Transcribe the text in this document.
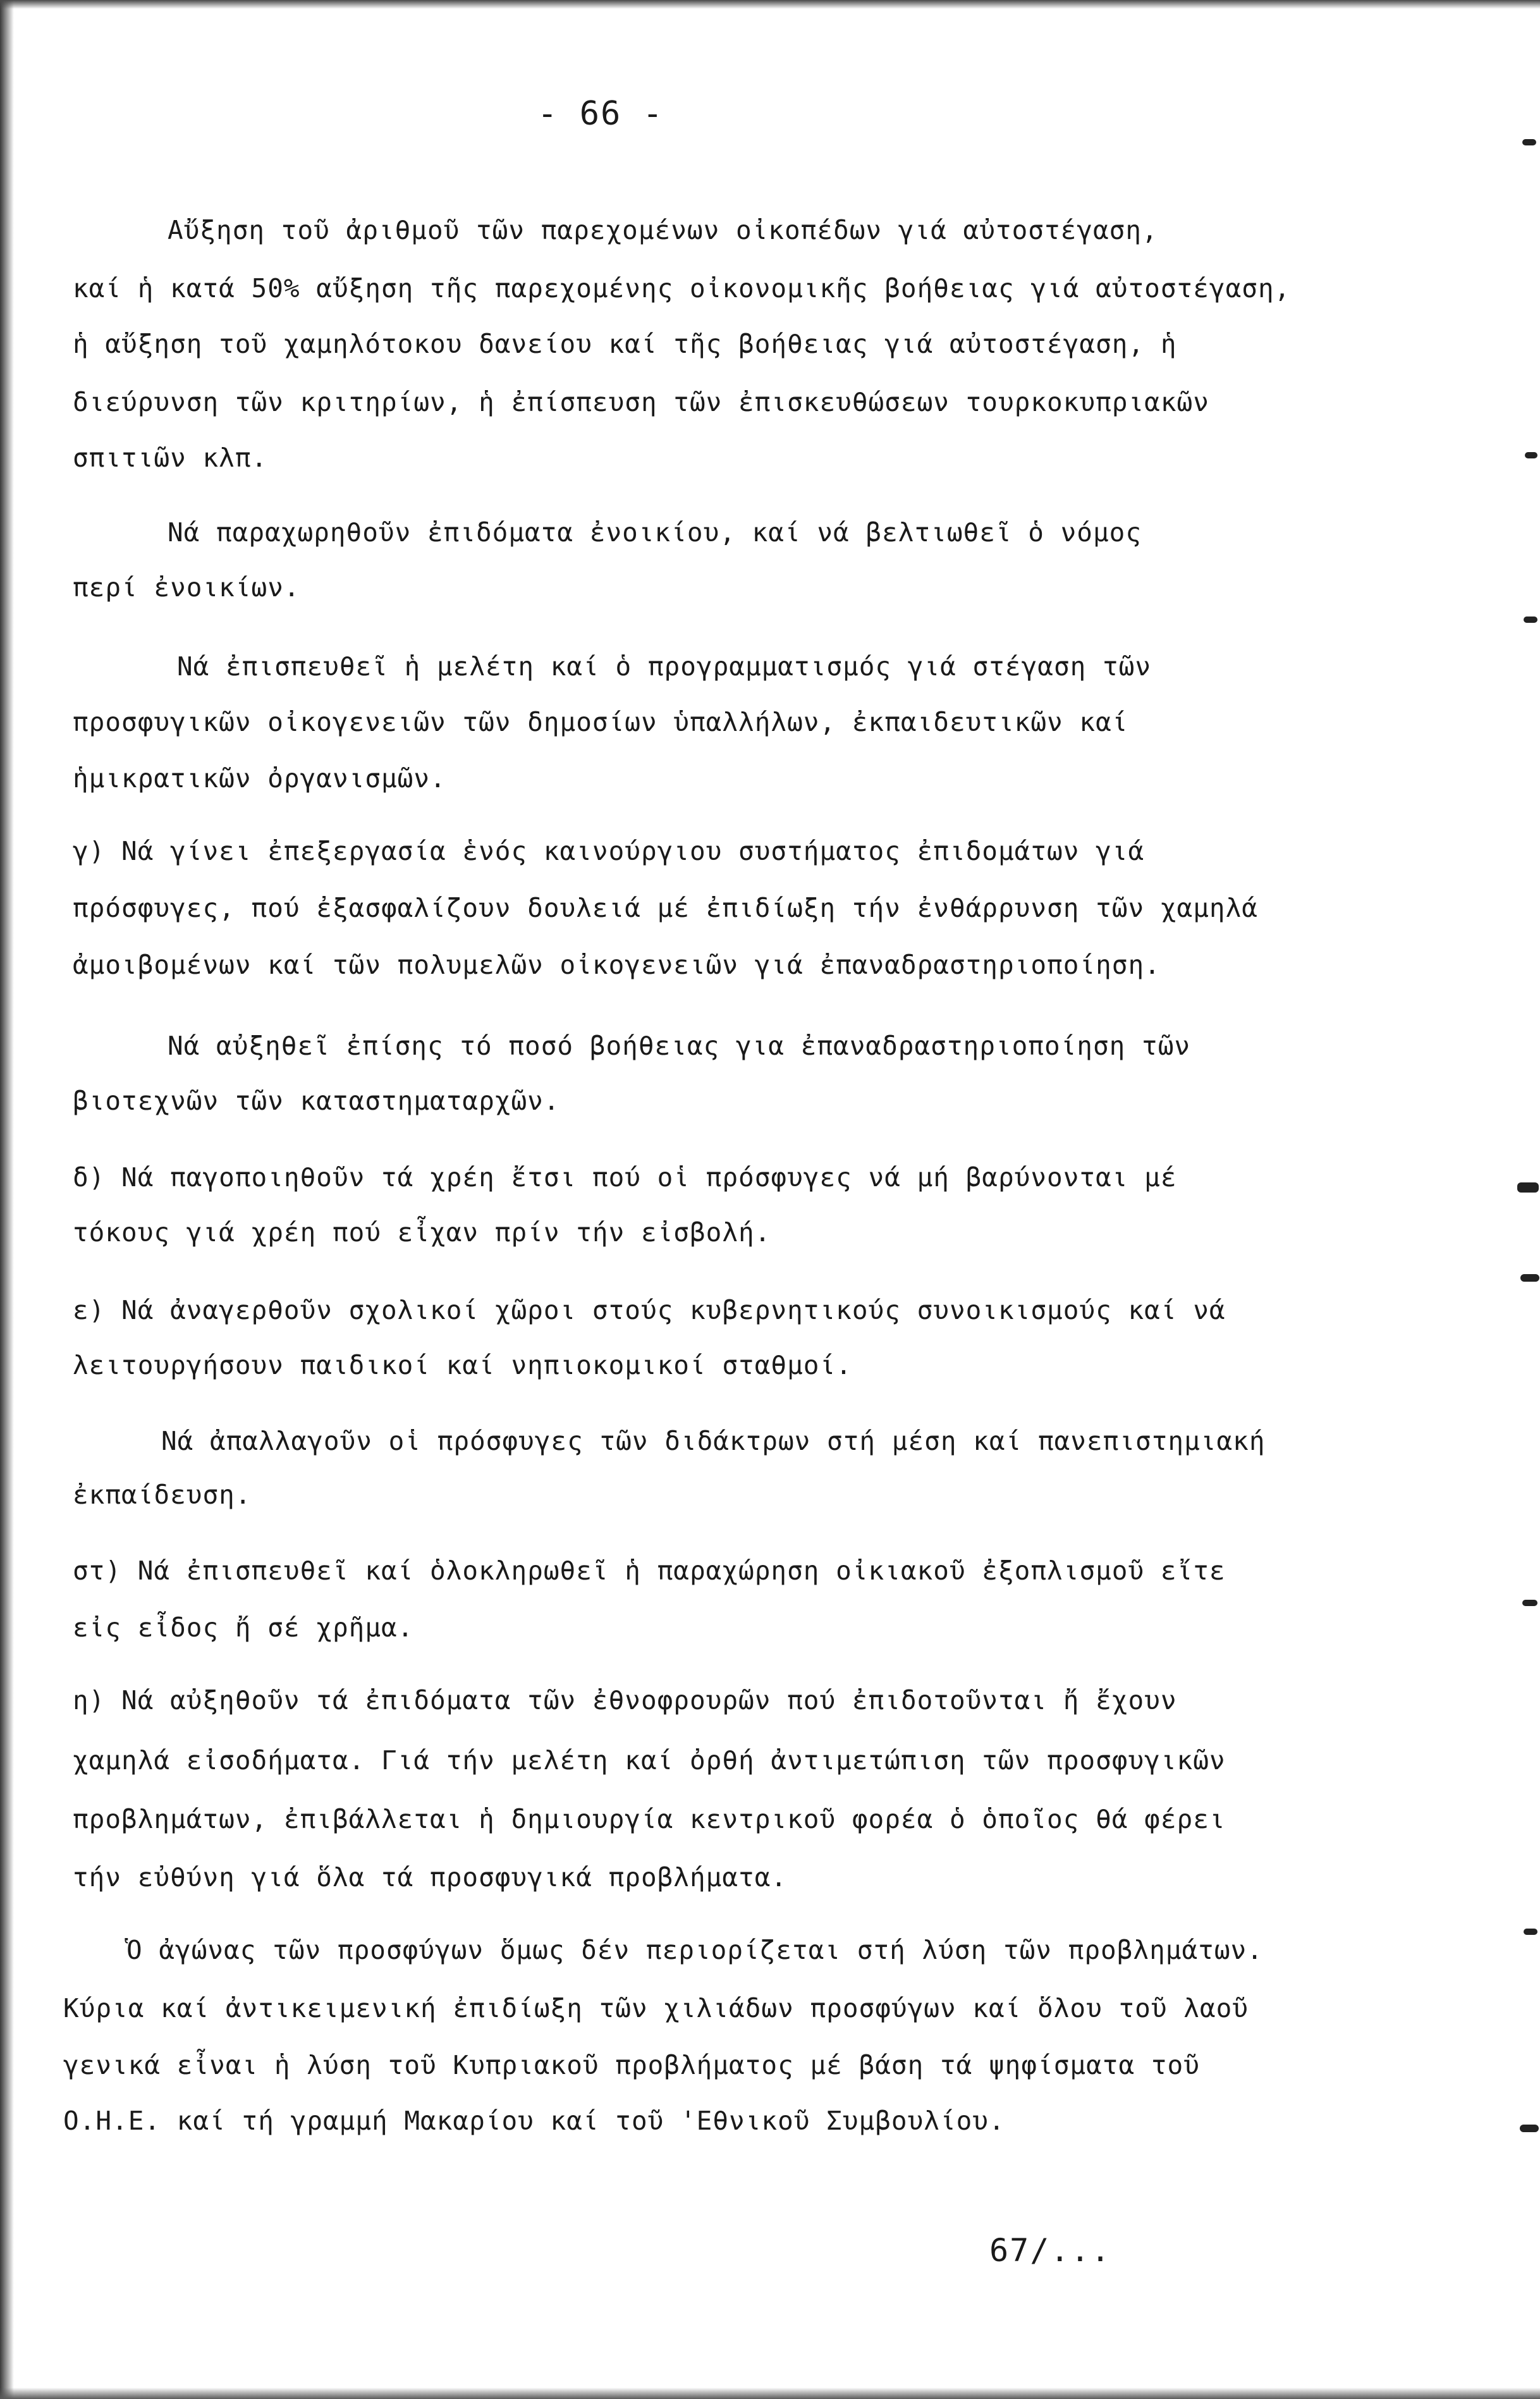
- 66 -
Αὔξηση τοῦ ἀριθμοῦ τῶν παρεχομένων οἰκοπέδων γιά αὐτοστέγαση,
καί ἡ κατά 50% αὔξηση τῆς παρεχομένης οἰκονομικῆς βοήθειας γιά αὐτοστέγαση,
ἡ αὔξηση τοῦ χαμηλότοκου δανείου καί τῆς βοήθειας γιά αὐτοστέγαση, ἡ
διεύρυνση τῶν κριτηρίων, ἡ ἐπίσπευση τῶν ἐπισκευθώσεων τουρκοκυπριακῶν
σπιτιῶν κλπ.
Νά παραχωρηθοῦν ἐπιδόματα ἐνοικίου, καί νά βελτιωθεῖ ὁ νόμος
περί ἐνοικίων.
Νά ἐπισπευθεῖ ἡ μελέτη καί ὁ προγραμματισμός γιά στέγαση τῶν
προσφυγικῶν οἰκογενειῶν τῶν δημοσίων ὑπαλλήλων, ἐκπαιδευτικῶν καί
ἡμικρατικῶν ὀργανισμῶν.
γ) Νά γίνει ἐπεξεργασία ἑνός καινούργιου συστήματος ἐπιδομάτων γιά
πρόσφυγες, πού ἐξασφαλίζουν δουλειά μέ ἐπιδίωξη τήν ἐνθάρρυνση τῶν χαμηλά
ἀμοιβομένων καί τῶν πολυμελῶν οἰκογενειῶν γιά ἐπαναδραστηριοποίηση.
Νά αὐξηθεῖ ἐπίσης τό ποσό βοήθειας για ἐπαναδραστηριοποίηση τῶν
βιοτεχνῶν τῶν καταστηματαρχῶν.
δ) Νά παγοποιηθοῦν τά χρέη ἔτσι πού οἱ πρόσφυγες νά μή βαρύνονται μέ
τόκους γιά χρέη πού εἶχαν πρίν τήν εἰσβολή.
ε) Νά ἀναγερθοῦν σχολικοί χῶροι στούς κυβερνητικούς συνοικισμούς καί νά
λειτουργήσουν παιδικοί καί νηπιοκομικοί σταθμοί.
Νά ἀπαλλαγοῦν οἱ πρόσφυγες τῶν διδάκτρων στή μέση καί πανεπιστημιακή
ἐκπαίδευση.
στ) Νά ἐπισπευθεῖ καί ὁλοκληρωθεῖ ἡ παραχώρηση οἰκιακοῦ ἐξοπλισμοῦ εἴτε
εἰς εἶδος ἤ σέ χρῆμα.
η) Νά αὐξηθοῦν τά ἐπιδόματα τῶν ἐθνοφρουρῶν πού ἐπιδοτοῦνται ἤ ἔχουν
χαμηλά εἰσοδήματα. Γιά τήν μελέτη καί ὀρθή ἀντιμετώπιση τῶν προσφυγικῶν
προβλημάτων, ἐπιβάλλεται ἡ δημιουργία κεντρικοῦ φορέα ὁ ὁποῖος θά φέρει
τήν εὐθύνη γιά ὅλα τά προσφυγικά προβλήματα.
Ὁ ἀγώνας τῶν προσφύγων ὅμως δέν περιορίζεται στή λύση τῶν προβλημάτων.
Κύρια καί ἀντικειμενική ἐπιδίωξη τῶν χιλιάδων προσφύγων καί ὅλου τοῦ λαοῦ
γενικά εἶναι ἡ λύση τοῦ Κυπριακοῦ προβλήματος μέ βάση τά ψηφίσματα τοῦ
Ο.Η.Ε. καί τή γραμμή Μακαρίου καί τοῦ 'Εθνικοῦ Συμβουλίου.
67/...
